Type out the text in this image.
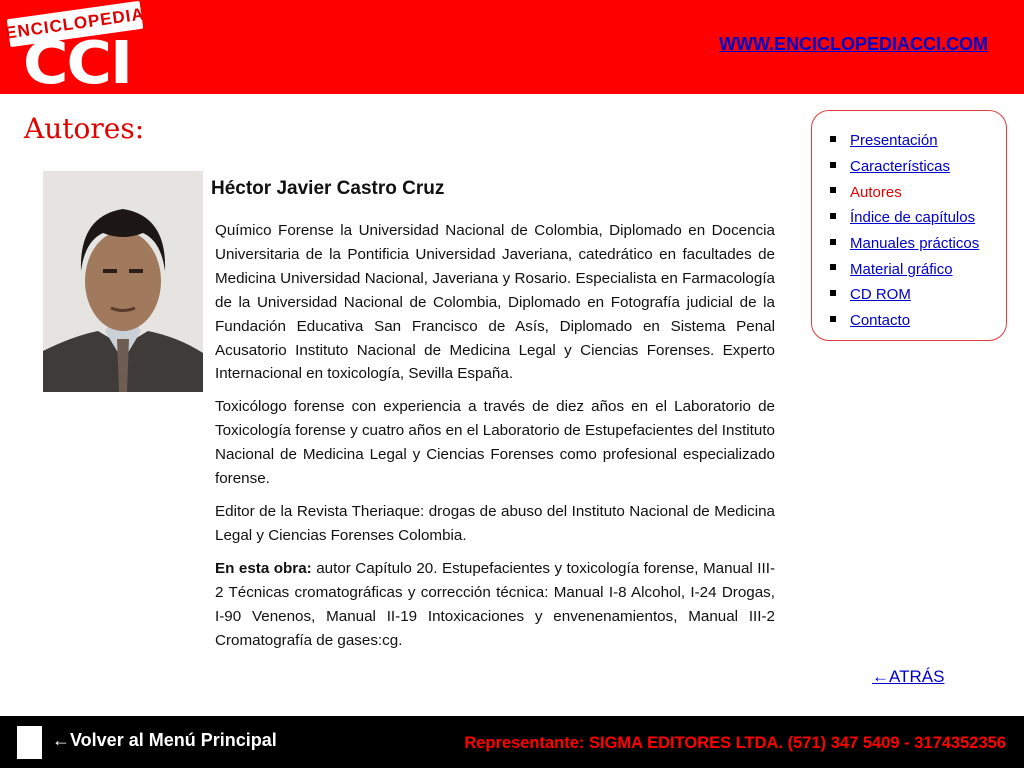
ENCICLOPEDIA
CCI	WWW.ENCICLOPEDIACCI.COM
Autores:
Héctor Javier Castro Cruz

Químico Forense la Universidad Nacional de Colombia, Diplomado en Docencia Universitaria de la Pontificia Universidad Javeriana, catedrático en facultades de Medicina Universidad Nacional, Javeriana y Rosario. Especialista en Farmacología de la Universidad Nacional de Colombia, Diplomado en Fotografía judicial de la Fundación Educativa San Francisco de Asís, Diplomado en Sistema Penal Acusatorio Instituto Nacional de Medicina Legal y Ciencias Forenses. Experto Internacional en toxicología, Sevilla España.

Toxicólogo forense con experiencia a través de diez años en el Laboratorio de Toxicología forense y cuatro años en el Laboratorio de Estupefacientes del Instituto Nacional de Medicina Legal y Ciencias Forenses como profesional especializado forense.

Editor de la Revista Theriaque: drogas de abuso del Instituto Nacional de Medicina Legal y Ciencias Forenses Colombia.

En esta obra: autor Capítulo 20. Estupefacientes y toxicología forense, Manual III-2 Técnicas cromatográficas y corrección técnica: Manual I-8 Alcohol, I-24 Drogas, I-90 Venenos, Manual II-19 Intoxicaciones y envenenamientos, Manual III-2 Cromatografía de gases:cg.

Presentación
Características
Autores
Índice de capítulos
Manuales prácticos
Material gráfico
CD ROM
Contacto
←ATRÁS
←Volver al Menú Principal	Representante: SIGMA EDITORES LTDA. (571) 347 5409 - 3174352356
